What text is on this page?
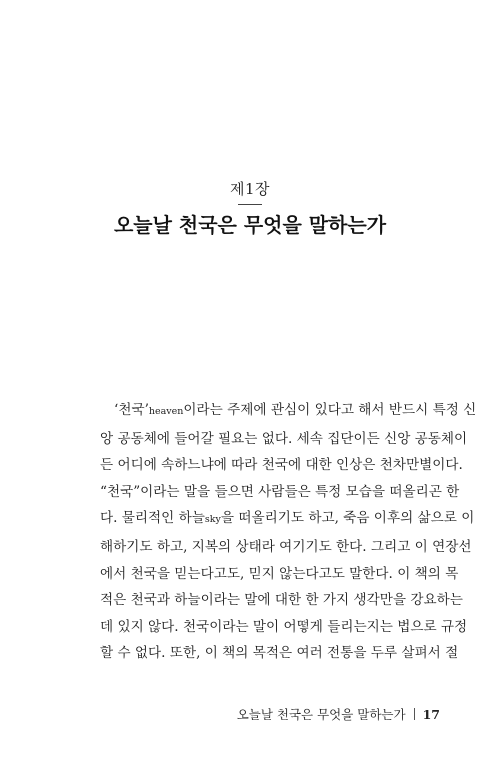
제1장
오늘날 천국은 무엇을 말하는가
‘천국’heaven이라는 주제에 관심이 있다고 해서 반드시 특정 신
앙 공동체에 들어갈 필요는 없다. 세속 집단이든 신앙 공동체이
든 어디에 속하느냐에 따라 천국에 대한 인상은 천차만별이다.
“천국”이라는 말을 들으면 사람들은 특정 모습을 떠올리곤 한
다. 물리적인 하늘sky을 떠올리기도 하고, 죽음 이후의 삶으로 이
해하기도 하고, 지복의 상태라 여기기도 한다. 그리고 이 연장선
에서 천국을 믿는다고도, 믿지 않는다고도 말한다. 이 책의 목
적은 천국과 하늘이라는 말에 대한 한 가지 생각만을 강요하는
데 있지 않다. 천국이라는 말이 어떻게 들리는지는 법으로 규정
할 수 없다. 또한, 이 책의 목적은 여러 전통을 두루 살펴서 절
오늘날 천국은 무엇을 말하는가 17
